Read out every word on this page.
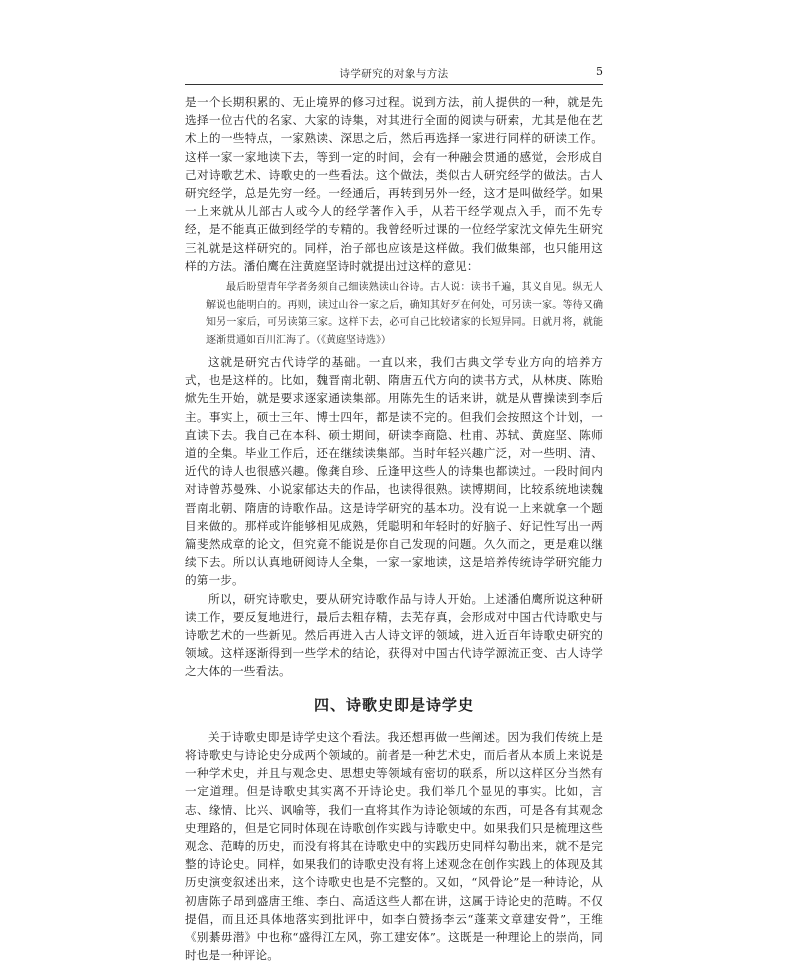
诗学研究的对象与方法	5

是一个长期积累的、无止境界的修习过程。说到方法，前人提供的一种，就是先选择一位古代的名家、大家的诗集，对其进行全面的阅读与研索，尤其是他在艺术上的一些特点，一家熟读、深思之后，然后再选择一家进行同样的研读工作。这样一家一家地读下去，等到一定的时间，会有一种融会贯通的感觉，会形成自己对诗歌艺术、诗歌史的一些看法。这个做法，类似古人研究经学的做法。古人研究经学，总是先穷一经。一经通后，再转到另外一经，这才是叫做经学。如果一上来就从儿部古人或今人的经学著作入手，从若干经学观点入手，而不先专经，是不能真正做到经学的专精的。我曾经听过课的一位经学家沈文倬先生研究三礼就是这样研究的。同样，治子部也应该是这样做。我们做集部，也只能用这样的方法。潘伯鹰在注黄庭坚诗时就提出过这样的意见：

最后盼望青年学者务须自己细读熟读山谷诗。古人说：读书千遍，其义自见。纵无人解说也能明白的。再则，读过山谷一家之后，确知其好歹在何处，可另读一家。等待又确知另一家后，可另读第三家。这样下去，必可自己比较诸家的长短异同。日就月将，就能逐渐贯通如百川汇海了。（《黄庭坚诗选》）

这就是研究古代诗学的基础。一直以来，我们古典文学专业方向的培养方式，也是这样的。比如，魏晋南北朝、隋唐五代方向的读书方式，从林庚、陈贻焮先生开始，就是要求逐家通读集部。用陈先生的话来讲，就是从曹操读到李后主。事实上，硕士三年、博士四年，都是读不完的。但我们会按照这个计划，一直读下去。我自己在本科、硕士期间，研读李商隐、杜甫、苏轼、黄庭坚、陈师道的全集。毕业工作后，还在继续读集部。当时年轻兴趣广泛，对一些明、清、近代的诗人也很感兴趣。像龚自珍、丘逢甲这些人的诗集也都读过。一段时间内对诗曾苏曼殊、小说家郁达夫的作品，也读得很熟。读博期间，比较系统地读魏晋南北朝、隋唐的诗歌作品。这是诗学研究的基本功。没有说一上来就拿一个题目来做的。那样或许能够相见成熟，凭聪明和年轻时的好脑子、好记性写出一两篇斐然成章的论文，但究竟不能说是你自己发现的问题。久久而之，更是难以继续下去。所以认真地研阅诗人全集，一家一家地读，这是培养传统诗学研究能力的第一步。

所以，研究诗歌史，要从研究诗歌作品与诗人开始。上述潘伯鹰所说这种研读工作，要反复地进行，最后去粗存精，去芜存真，会形成对中国古代诗歌史与诗歌艺术的一些新见。然后再进入古人诗文评的领域，进入近百年诗歌史研究的领域。这样逐渐得到一些学术的结论，获得对中国古代诗学源流正变、古人诗学之大体的一些看法。

四、诗歌史即是诗学史

关于诗歌史即是诗学史这个看法。我还想再做一些阐述。因为我们传统上是将诗歌史与诗论史分成两个领域的。前者是一种艺术史，而后者从本质上来说是一种学术史，并且与观念史、思想史等领域有密切的联系，所以这样区分当然有一定道理。但是诗歌史其实离不开诗论史。我们举几个显见的事实。比如，言志、缘情、比兴、讽喻等，我们一直将其作为诗论领域的东西，可是各有其观念史理路的，但是它同时体现在诗歌创作实践与诗歌史中。如果我们只是梳理这些观念、范畴的历史，而没有将其在诗歌史中的实践历史同样勾勒出来，就不是完整的诗论史。同样，如果我们的诗歌史没有将上述观念在创作实践上的体现及其历史演变叙述出来，这个诗歌史也是不完整的。又如，“风骨论”是一种诗论，从初唐陈子昂到盛唐王维、李白、高适这些人都在讲，这属于诗论史的范畴。不仅提倡，而且还具体地落实到批评中，如李白赞扬李云“蓬莱文章建安骨”，王维《别綦毋潜》中也称“盛得江左风，弥工建安体”。这既是一种理论上的崇尚，同时也是一种评论。
